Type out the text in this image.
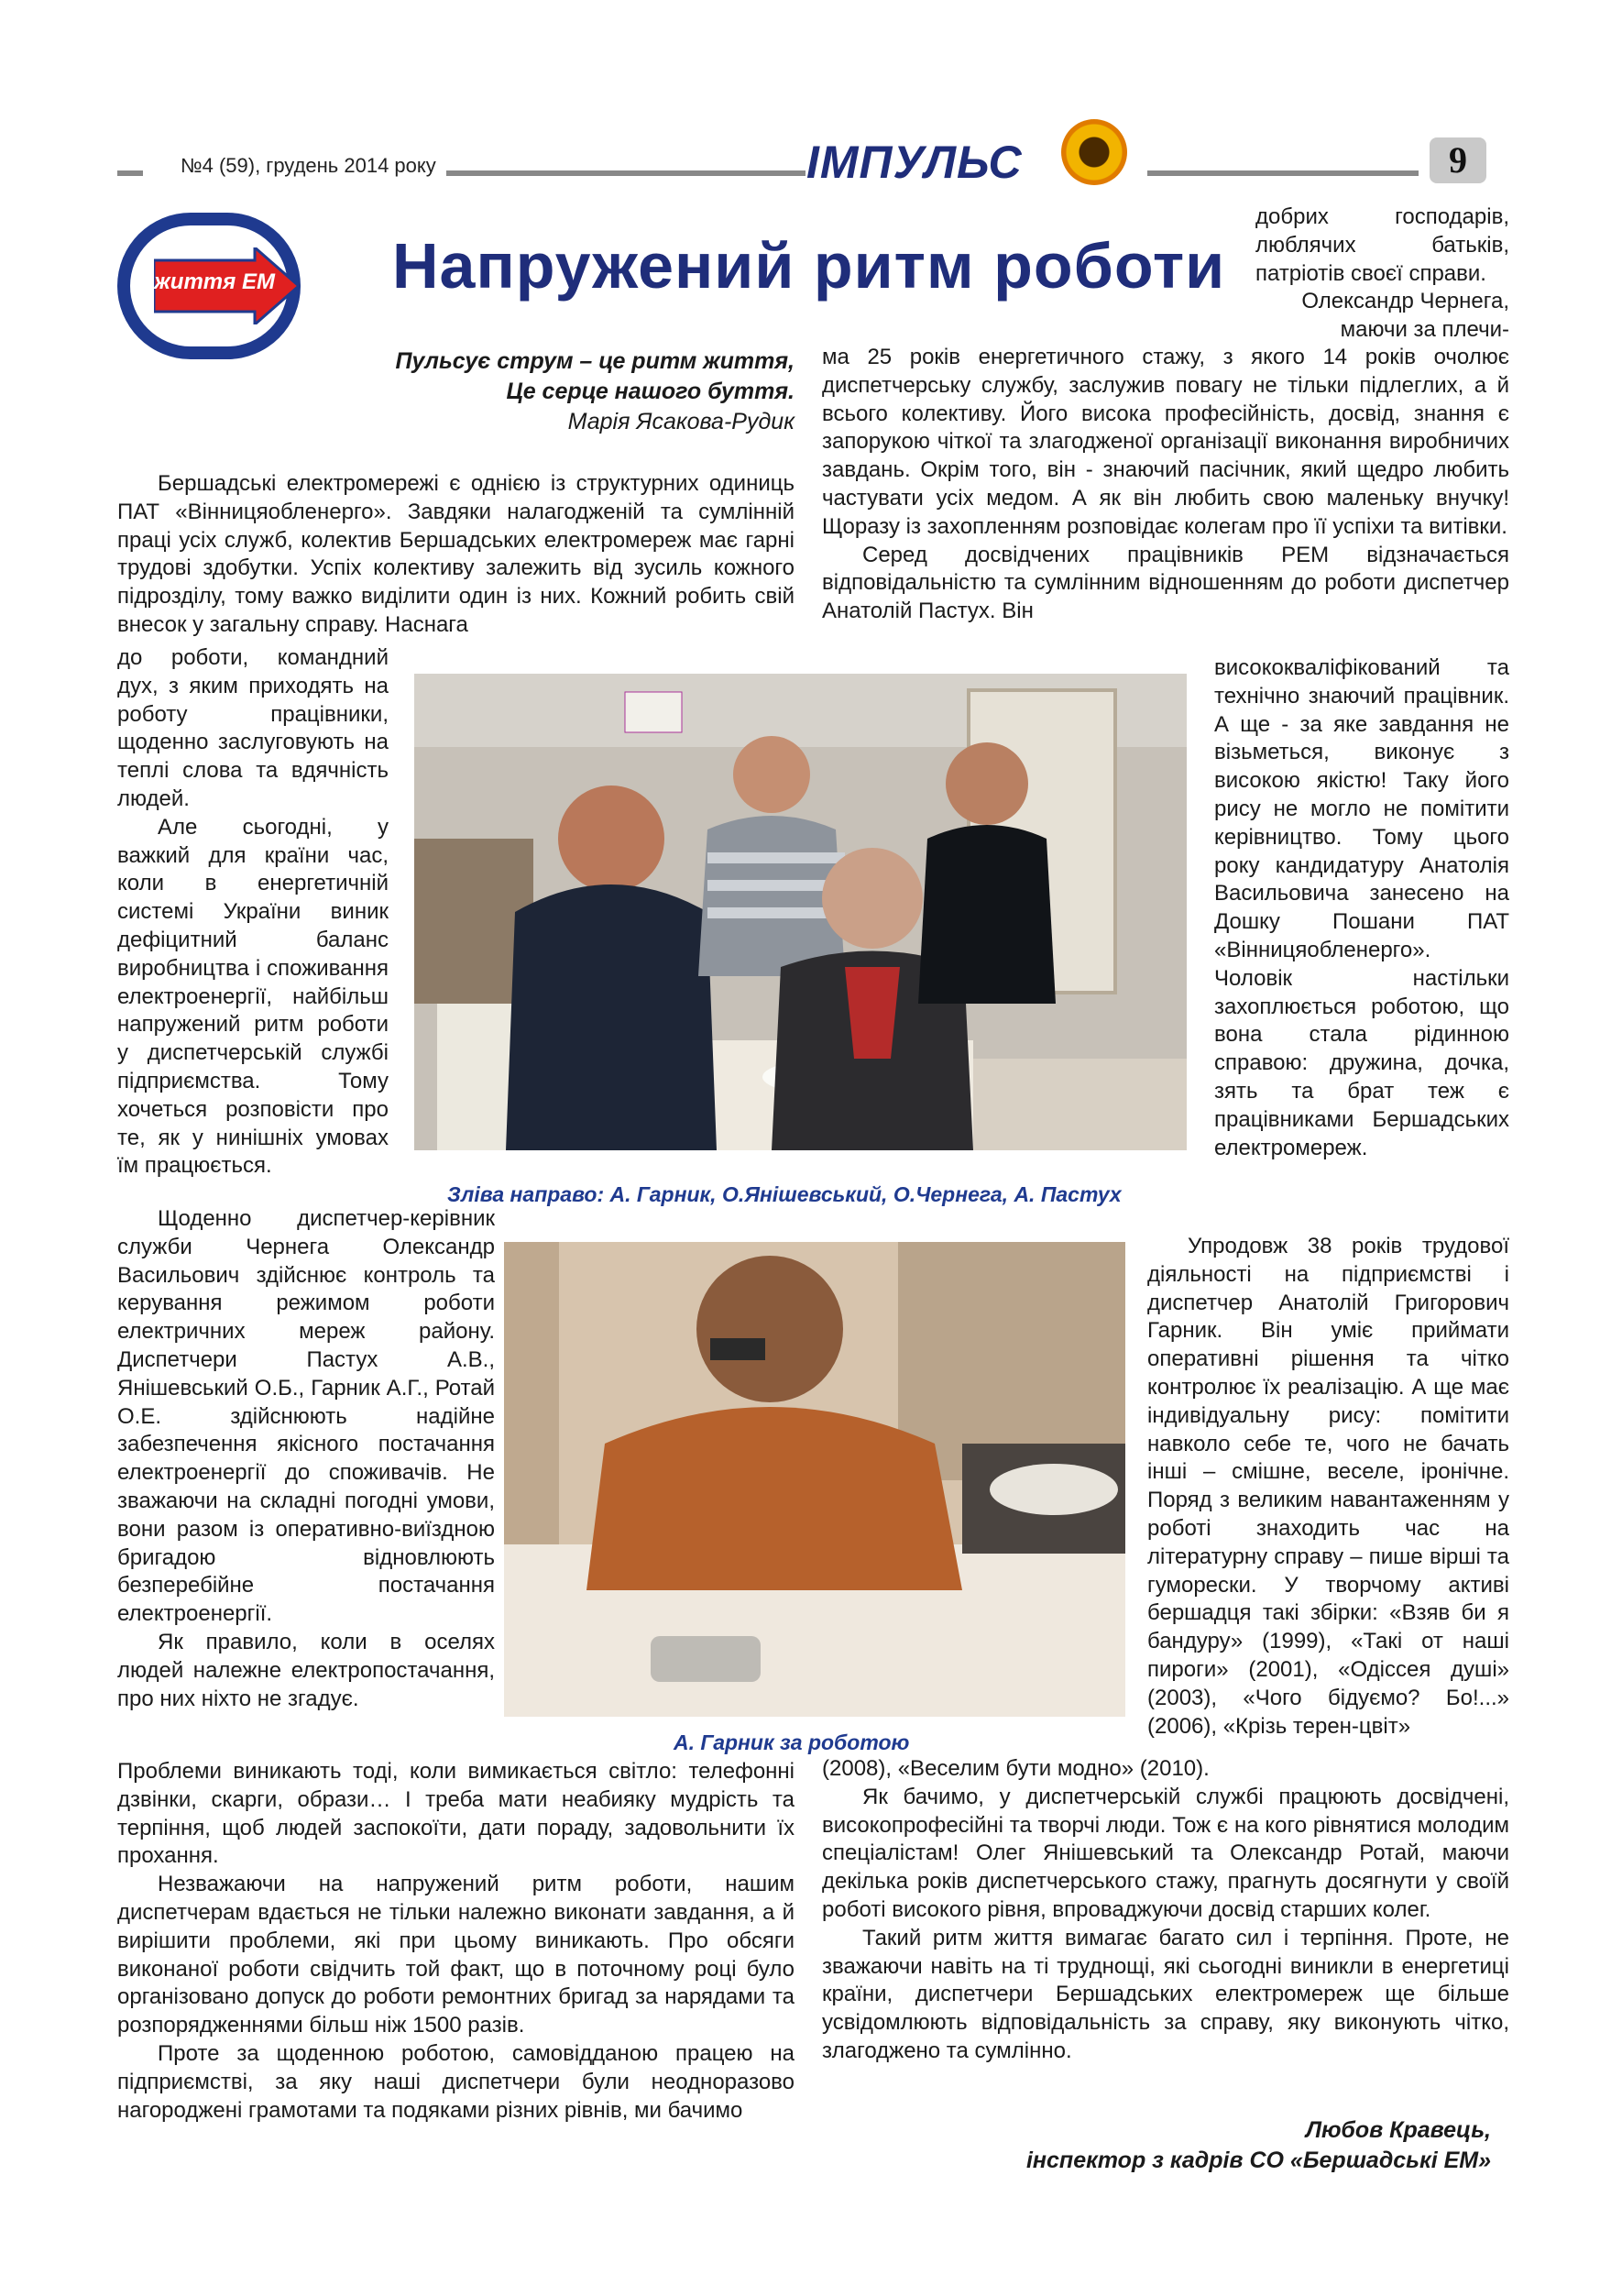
№4 (59), грудень 2014 року	ІМПУЛЬС	9
З життя ЕМ Напружений ритм роботи

добрих господарів, люблячих батьків, патріотів своєї справи.

Олександр Чернега, маючи за плечи-

Пульсує струм – це ритм життя,
Це серце нашого буття.
Марія Ясакова-Рудик

Бершадські електромережі є однією із структурних одиниць ПАТ «Вінницяобленерго». Завдяки налагодженій та сумлінній праці усіх служб, колектив Бершадських електромереж має гарні трудові здобутки. Успіх колективу залежить від зусиль кожного підрозділу, тому важко виділити один із них. Кожний робить свій внесок у загальну справу. Наснага

до роботи, командний дух, з яким приходять на роботу працівники, щоденно заслуговують на теплі слова та вдячність людей.

Але сьогодні, у важкий для країни час, коли в енергетичній системі України виник дефіцитний баланс виробництва і споживання електроенергії, найбільш напружений ритм роботи у диспетчерській службі підприємства. Тому хочеться розповісти про те, як у нинішніх умовах їм працюється.

Щоденно диспетчер-керівник служби Чернега Олександр Васильович здійснює контроль та керування режимом роботи електричних мереж району. Диспетчери Пастух А.В., Янішевський О.Б., Гарник А.Г., Ротай О.Е. здійснюють надійне забезпечення якісного постачання електроенергії до споживачів. Не зважаючи на складні погодні умови, вони разом із оперативно-виїздною бригадою відновлюють безперебійне постачання електроенергії.

Як правило, коли в оселях людей належне електропостачання, про них ніхто не згадує.

Проблеми виникають тоді, коли вимикається світло: телефонні дзвінки, скарги, образи… І треба мати неабияку мудрість та терпіння, щоб людей заспокоїти, дати пораду, задовольнити їх прохання.

Незважаючи на напружений ритм роботи, нашим диспетчерам вдається не тільки належно виконати завдання, а й вирішити проблеми, які при цьому виникають. Про обсяги виконаної роботи свідчить той факт, що в поточному році було організовано допуск до роботи ремонтних бригад за нарядами та розпорядженнями більш ніж 1500 разів.

Проте за щоденною роботою, самовідданою працею на підприємстві, за яку наші диспетчери були неодноразово нагороджені грамотами та подяками різних рівнів, ми бачимо

ма 25 років енергетичного стажу, з якого 14 років очолює диспетчерську службу, заслужив повагу не тільки підлеглих, а й всього колективу. Його висока професійність, досвід, знання є запорукою чіткої та злагодженої організації виконання виробничих завдань. Окрім того, він - знаючий пасічник, який щедро любить частувати усіх медом. А як він любить свою маленьку внучку! Щоразу із захопленням розповідає колегам про її успіхи та витівки.

Серед досвідчених працівників РЕМ відзначається відповідальністю та сумлінним відношенням до роботи диспетчер Анатолій Пастух. Він

висококваліфікований та технічно знаючий працівник. А ще - за яке завдання не візьметься, виконує з високою якістю! Таку його рису не могло не помітити керівництво. Тому цього року кандидатуру Анатолія Васильовича занесено на Дошку Пошани ПАТ «Вінницяобленерго». Чоловік настільки захоплюється роботою, що вона стала рідинною справою: дружина, дочка, зять та брат теж є працівниками Бершадських електромереж.

Упродовж 38 років трудової діяльності на підприємстві і диспетчер Анатолій Григорович Гарник. Він уміє приймати оперативні рішення та чітко контролює їх реалізацію. А ще має індивідуальну рису: помітити навколо себе те, чого не бачать інші – смішне, веселе, іронічне. Поряд з великим навантаженням у роботі знаходить час на літературну справу – пише вірші та гуморески. У творчому активі бершадця такі збірки: «Взяв би я бандуру» (1999), «Такі от наші пироги» (2001), «Одіссея душі» (2003), «Чого бідуємо? Бо!...» (2006), «Крізь терен-цвіт»

(2008), «Веселим бути модно» (2010).

Як бачимо, у диспетчерській службі працюють досвідчені, високопрофесійні та творчі люди. Тож є на кого рівнятися молодим спеціалістам! Олег Янішевський та Олександр Ротай, маючи декілька років диспетчерського стажу, прагнуть досягнути у своїй роботі високого рівня, впроваджуючи досвід старших колег.

Такий ритм життя вимагає багато сил і терпіння. Проте, не зважаючи навіть на ті труднощі, які сьогодні виникли в енергетиці країни, диспетчери Бершадських електромереж ще більше усвідомлюють відповідальність за справу, яку виконують чітко, злагоджено та сумлінно.

Зліва направо: А. Гарник, О.Янішевський, О.Чернега, А. Пастух
А. Гарник за роботою
Любов Кравець,
інспектор з кадрів СО «Бершадські ЕМ»
